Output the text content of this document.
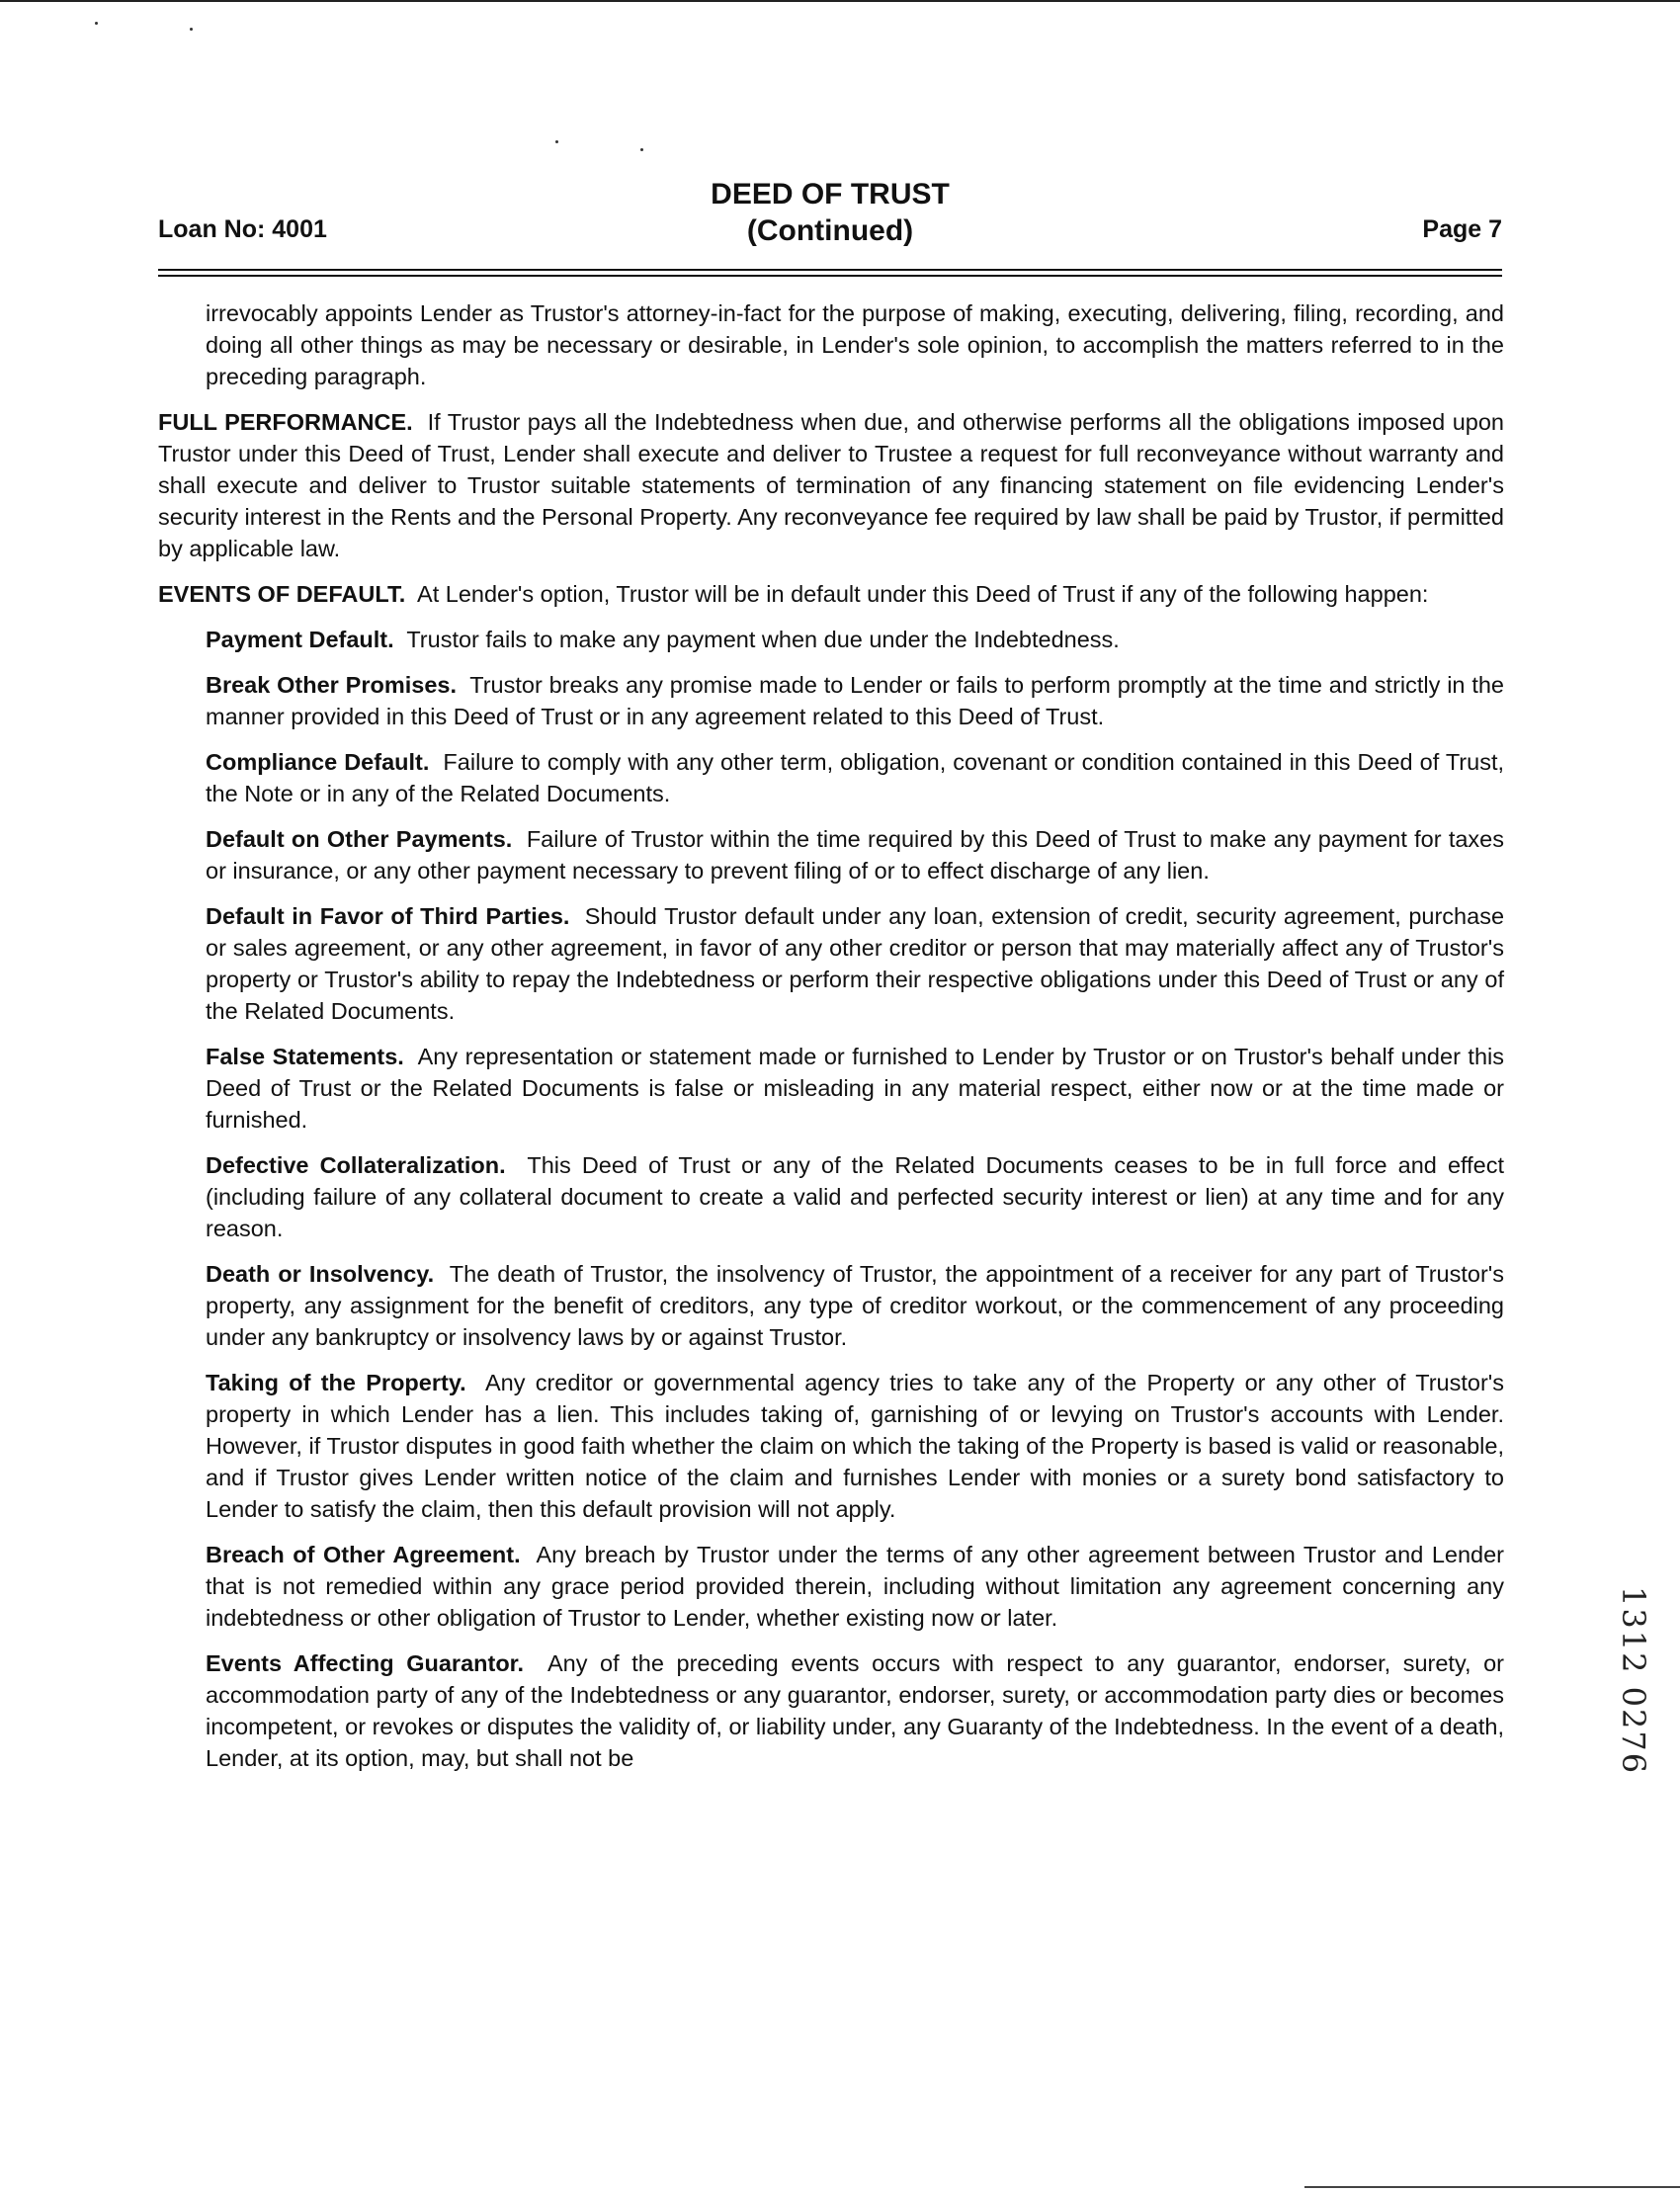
Loan No: 4001
DEED OF TRUST
(Continued)	Page 7

irrevocably appoints Lender as Trustor's attorney-in-fact for the purpose of making, executing, delivering, filing, recording, and doing all other things as may be necessary or desirable, in Lender's sole opinion, to accomplish the matters referred to in the preceding paragraph.

FULL PERFORMANCE. If Trustor pays all the Indebtedness when due, and otherwise performs all the obligations imposed upon Trustor under this Deed of Trust, Lender shall execute and deliver to Trustee a request for full reconveyance without warranty and shall execute and deliver to Trustor suitable statements of termination of any financing statement on file evidencing Lender's security interest in the Rents and the Personal Property. Any reconveyance fee required by law shall be paid by Trustor, if permitted by applicable law.

EVENTS OF DEFAULT. At Lender's option, Trustor will be in default under this Deed of Trust if any of the following happen:

Payment Default. Trustor fails to make any payment when due under the Indebtedness.

Break Other Promises. Trustor breaks any promise made to Lender or fails to perform promptly at the time and strictly in the manner provided in this Deed of Trust or in any agreement related to this Deed of Trust.

Compliance Default. Failure to comply with any other term, obligation, covenant or condition contained in this Deed of Trust, the Note or in any of the Related Documents.

Default on Other Payments. Failure of Trustor within the time required by this Deed of Trust to make any payment for taxes or insurance, or any other payment necessary to prevent filing of or to effect discharge of any lien.

Default in Favor of Third Parties. Should Trustor default under any loan, extension of credit, security agreement, purchase or sales agreement, or any other agreement, in favor of any other creditor or person that may materially affect any of Trustor's property or Trustor's ability to repay the Indebtedness or perform their respective obligations under this Deed of Trust or any of the Related Documents.

False Statements. Any representation or statement made or furnished to Lender by Trustor or on Trustor's behalf under this Deed of Trust or the Related Documents is false or misleading in any material respect, either now or at the time made or furnished.

Defective Collateralization. This Deed of Trust or any of the Related Documents ceases to be in full force and effect (including failure of any collateral document to create a valid and perfected security interest or lien) at any time and for any reason.

Death or Insolvency. The death of Trustor, the insolvency of Trustor, the appointment of a receiver for any part of Trustor's property, any assignment for the benefit of creditors, any type of creditor workout, or the commencement of any proceeding under any bankruptcy or insolvency laws by or against Trustor.

Taking of the Property. Any creditor or governmental agency tries to take any of the Property or any other of Trustor's property in which Lender has a lien. This includes taking of, garnishing of or levying on Trustor's accounts with Lender. However, if Trustor disputes in good faith whether the claim on which the taking of the Property is based is valid or reasonable, and if Trustor gives Lender written notice of the claim and furnishes Lender with monies or a surety bond satisfactory to Lender to satisfy the claim, then this default provision will not apply.

Breach of Other Agreement. Any breach by Trustor under the terms of any other agreement between Trustor and Lender that is not remedied within any grace period provided therein, including without limitation any agreement concerning any indebtedness or other obligation of Trustor to Lender, whether existing now or later.

Events Affecting Guarantor. Any of the preceding events occurs with respect to any guarantor, endorser, surety, or accommodation party of any of the Indebtedness or any guarantor, endorser, surety, or accommodation party dies or becomes incompetent, or revokes or disputes the validity of, or liability under, any Guaranty of the Indebtedness. In the event of a death, Lender, at its option, may, but shall not be	1312 0276
